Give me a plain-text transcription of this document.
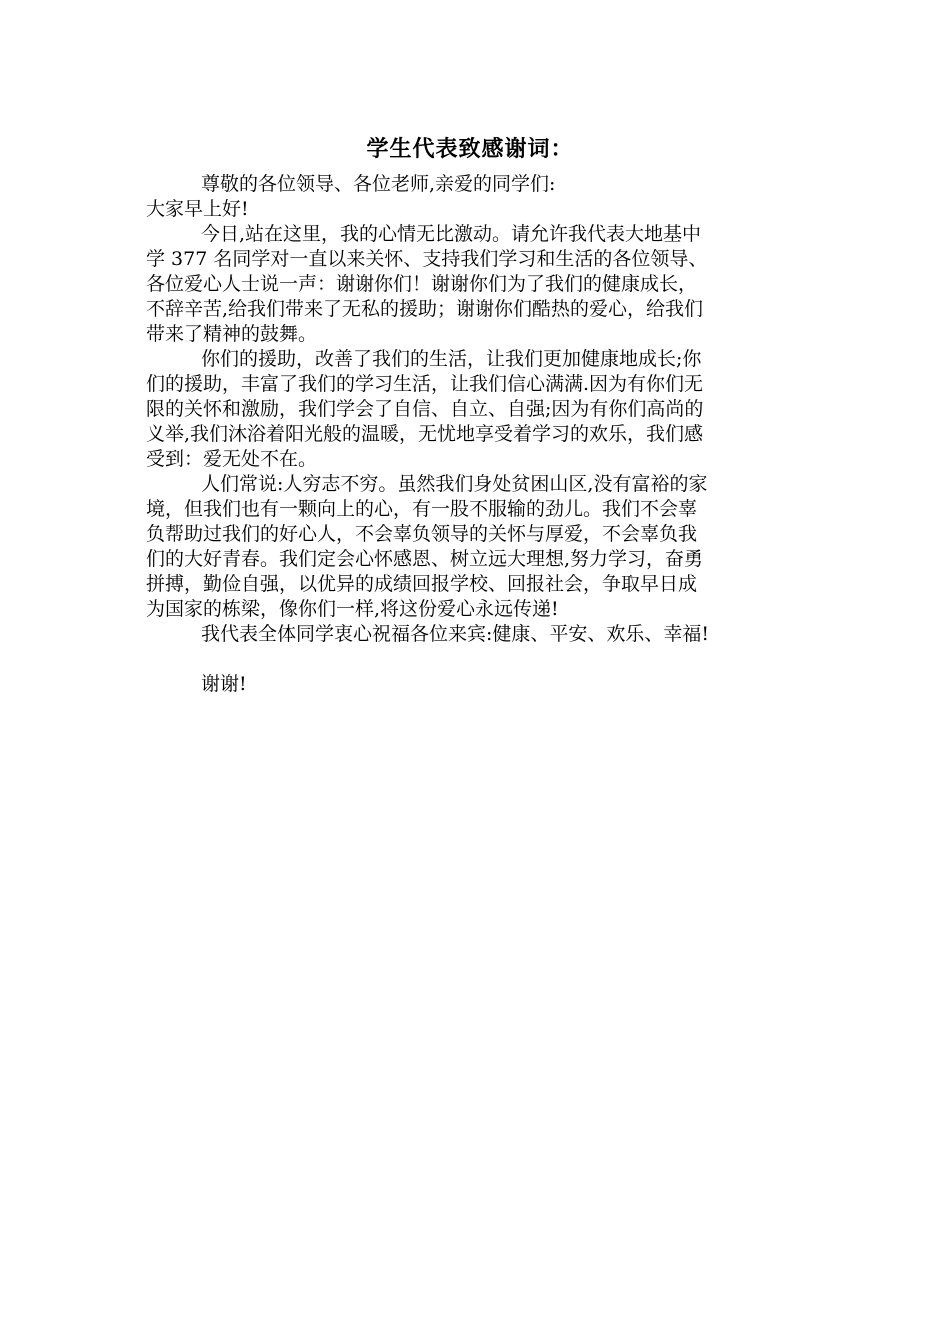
学生代表致感谢词：
尊敬的各位领导、各位老师,亲爱的同学们:
大家早上好!
今日,站在这里，我的心情无比激动。请允许我代表大地基中
学 377 名同学对一直以来关怀、支持我们学习和生活的各位领导、
各位爱心人士说一声：谢谢你们！谢谢你们为了我们的健康成长，
不辞辛苦,给我们带来了无私的援助；谢谢你们酷热的爱心，给我们
带来了精神的鼓舞。
你们的援助，改善了我们的生活，让我们更加健康地成长;你
们的援助，丰富了我们的学习生活，让我们信心满满.因为有你们无
限的关怀和激励，我们学会了自信、自立、自强;因为有你们高尚的
义举,我们沐浴着阳光般的温暖，无忧地享受着学习的欢乐，我们感
受到：爱无处不在。
人们常说:人穷志不穷。虽然我们身处贫困山区,没有富裕的家
境，但我们也有一颗向上的心，有一股不服输的劲儿。我们不会辜
负帮助过我们的好心人，不会辜负领导的关怀与厚爱，不会辜负我
们的大好青春。我们定会心怀感恩、树立远大理想,努力学习，奋勇
拼搏，勤俭自强，以优异的成绩回报学校、回报社会，争取早日成
为国家的栋梁，像你们一样,将这份爱心永远传递!
我代表全体同学衷心祝福各位来宾:健康、平安、欢乐、幸福!
谢谢!
